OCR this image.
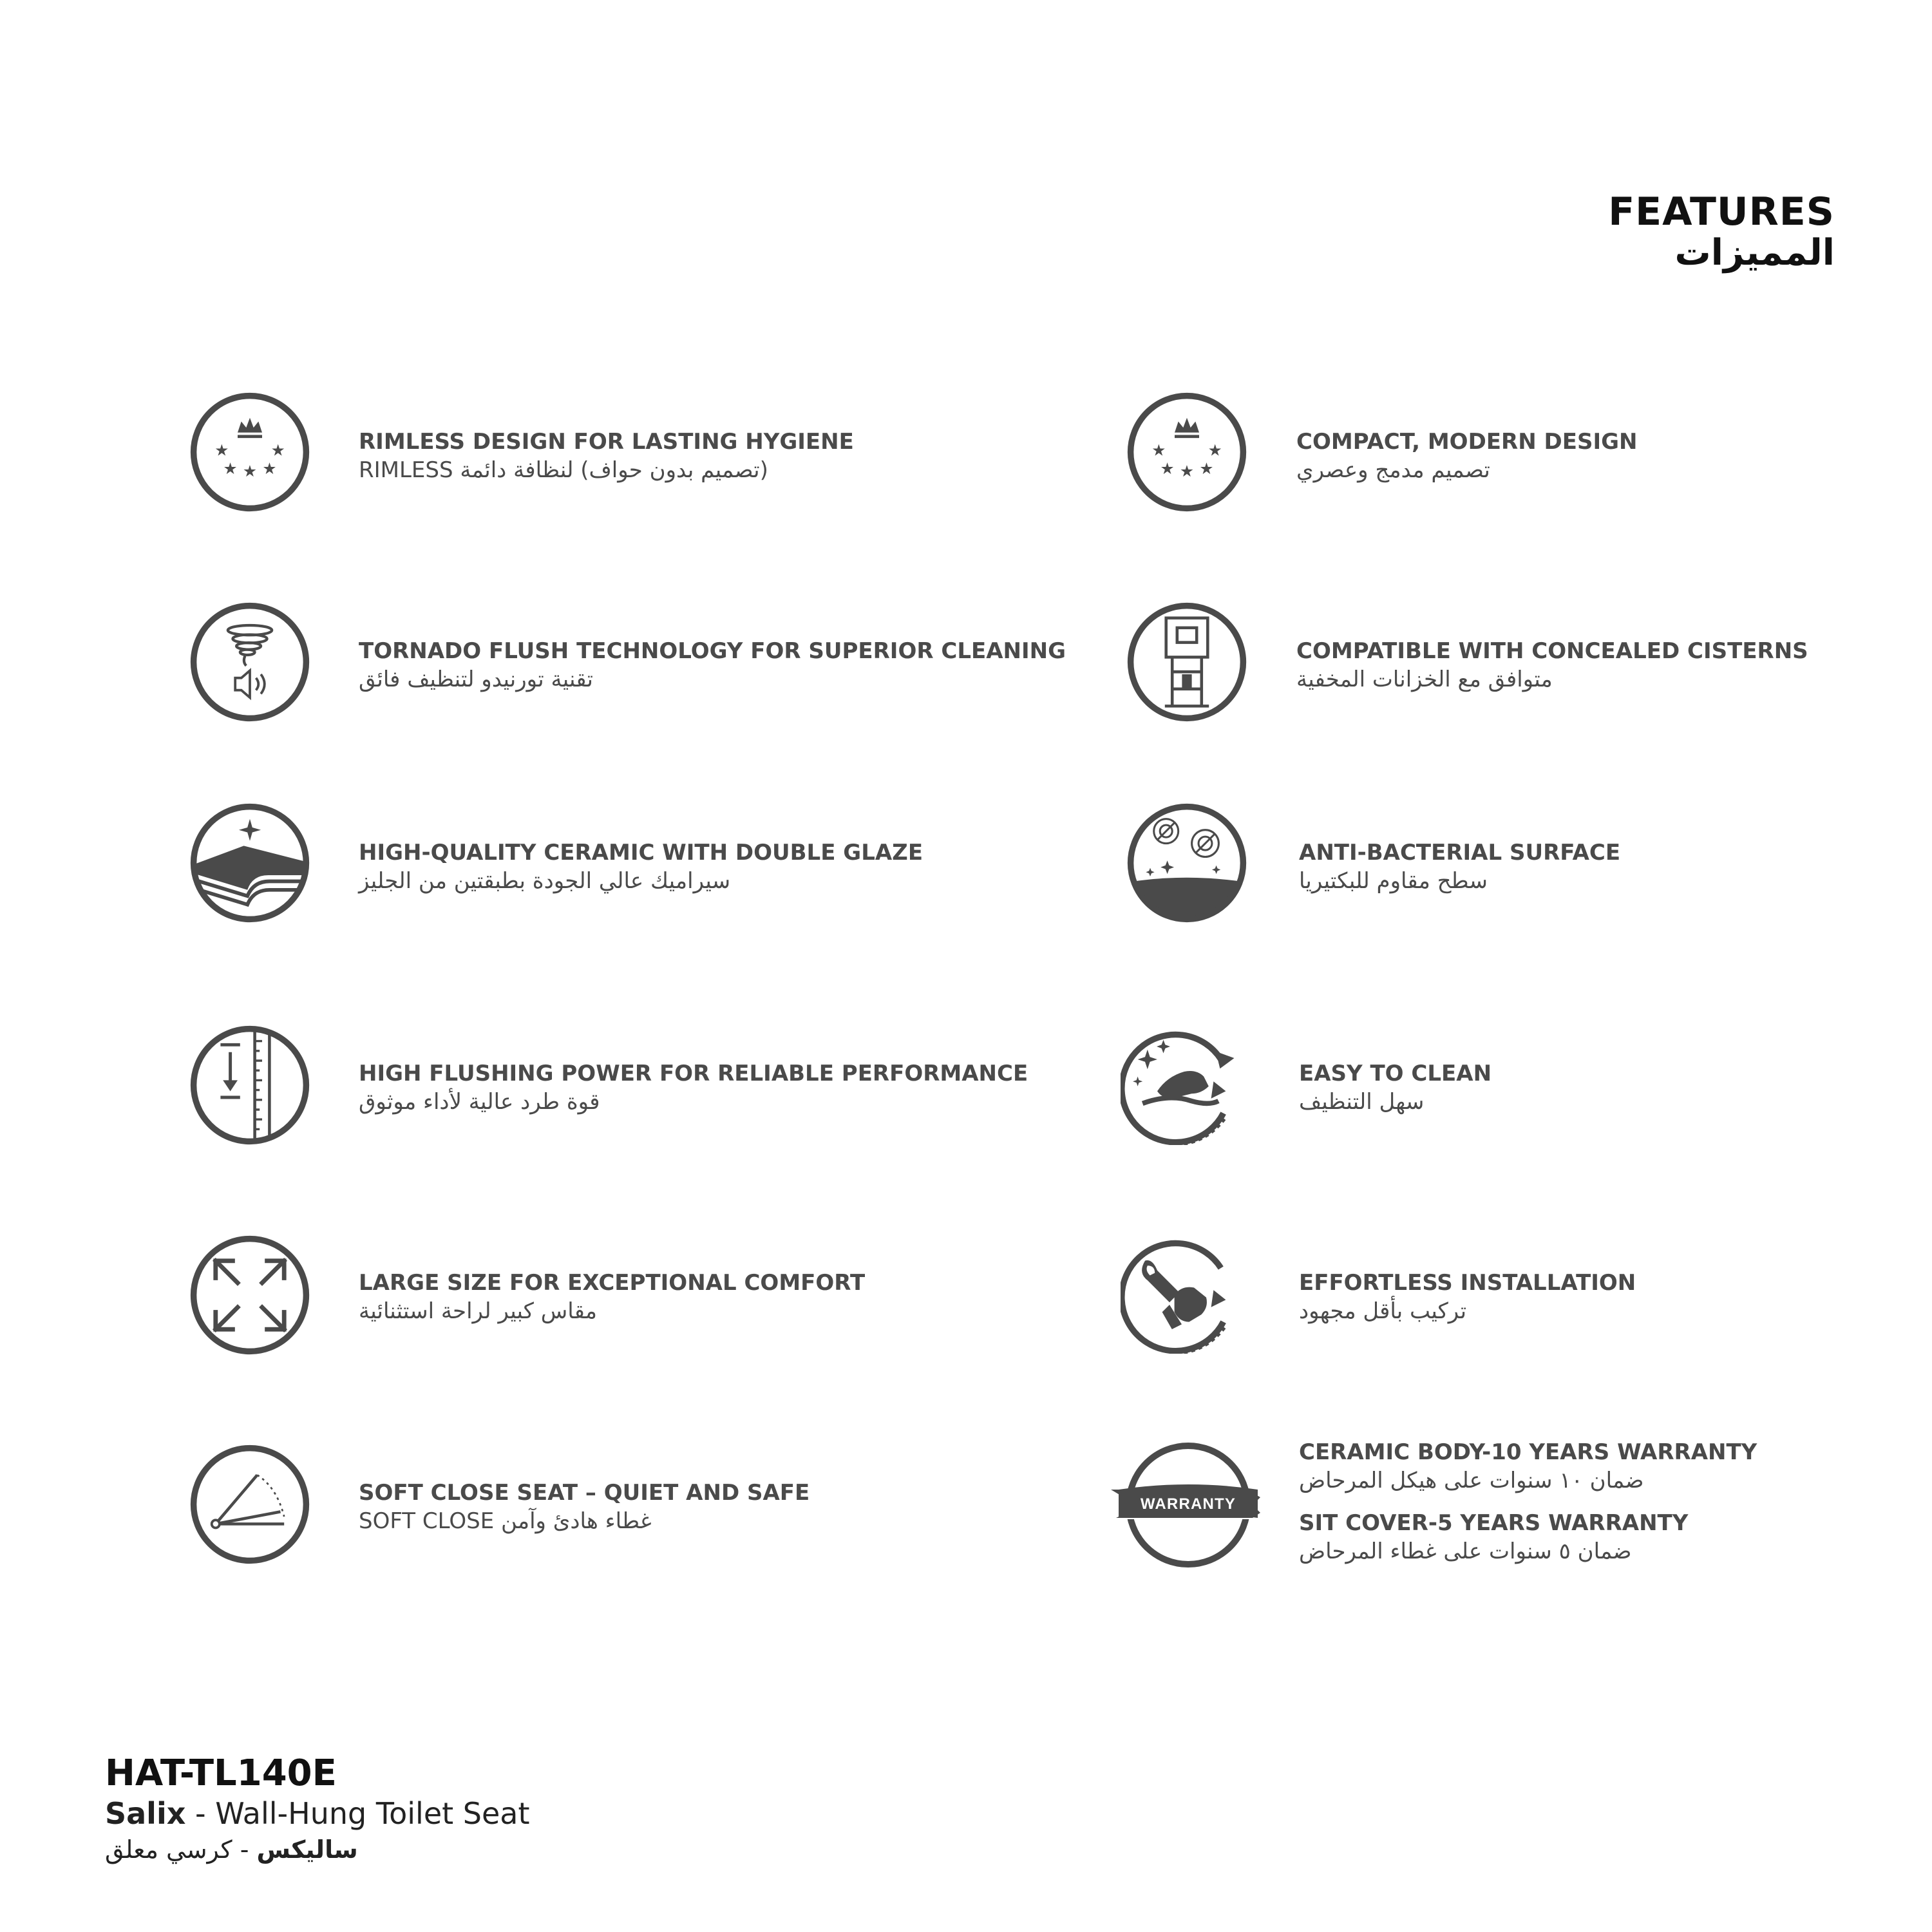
FEATURES
المميزات
★	★
★ ★ ★
RIMLESS DESIGN FOR LASTING HYGIENE
(تصميم بدون حواف) لنظافة دائمة RIMLESS
★	★
★ ★ ★
COMPACT, MODERN DESIGN
تصميم مدمج وعصري
TORNADO FLUSH TECHNOLOGY FOR SUPERIOR CLEANING
تقنية تورنيدو لتنظيف فائق
COMPATIBLE WITH CONCEALED CISTERNS
متوافق مع الخزانات المخفية
HIGH-QUALITY CERAMIC WITH DOUBLE GLAZE
سيراميك عالي الجودة بطبقتين من الجليز
ANTI-BACTERIAL SURFACE
سطح مقاوم للبكتيريا
HIGH FLUSHING POWER FOR RELIABLE PERFORMANCE
قوة طرد عالية لأداء موثوق
EASY TO CLEAN
سهل التنظيف
LARGE SIZE FOR EXCEPTIONAL COMFORT
مقاس كبير لراحة استثنائية
EFFORTLESS INSTALLATION
تركيب بأقل مجهود
SOFT CLOSE SEAT – QUIET AND SAFE
SOFT CLOSE غطاء هادئ وآمن
WARRANTY
CERAMIC BODY-10 YEARS WARRANTY
ضمان ١٠ سنوات على هيكل المرحاض
SIT COVER-5 YEARS WARRANTY
ضمان ٥ سنوات على غطاء المرحاض
HAT-TL140E
Salix - Wall-Hung Toilet Seat
ساليكس - كرسي معلق
